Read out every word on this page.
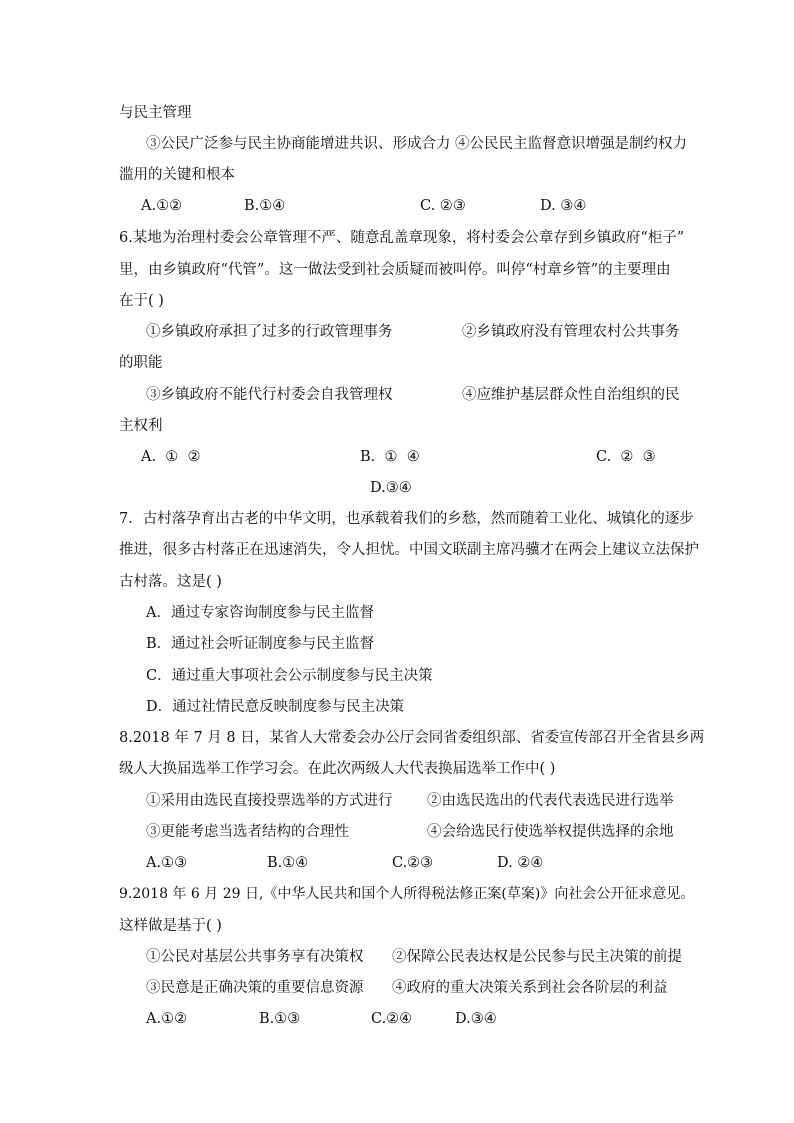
与民主管理
③公民广泛参与民主协商能增进共识、形成合力 ④公民民主监督意识增强是制约权力
滥用的关键和根本
A.①②	B.①④	C. ②③	D. ③④
6.某地为治理村委会公章管理不严、随意乱盖章现象，将村委会公章存到乡镇政府“柜子”
里，由乡镇政府“代管”。这一做法受到社会质疑而被叫停。叫停“村章乡管”的主要理由
在于( )
①乡镇政府承担了过多的行政管理事务	②乡镇政府没有管理农村公共事务
的职能
③乡镇政府不能代行村委会自我管理权	④应维护基层群众性自治组织的民
主权利
A.  ①  ②	B.  ①  ④	C.  ②  ③
D.③④
7．古村落孕育出古老的中华文明，也承载着我们的乡愁，然而随着工业化、城镇化的逐步
推进，很多古村落正在迅速消失，令人担忧。中国文联副主席冯骥才在两会上建议立法保护
古村落。这是( )
A．通过专家咨询制度参与民主监督
B．通过社会听证制度参与民主监督
C．通过重大事项社会公示制度参与民主决策
D．通过社情民意反映制度参与民主决策
8.2018 年 7 月 8 日，某省人大常委会办公厅会同省委组织部、省委宣传部召开全省县乡两
级人大换届选举工作学习会。在此次两级人大代表换届选举工作中( )
①采用由选民直接投票选举的方式进行 ②由选民选出的代表代表选民进行选举
③更能考虑当选者结构的合理性	④会给选民行使选举权提供选择的余地
A.①③	B.①④	C.②③	D. ②④
9.2018 年 6 月 29 日,《中华人民共和国个人所得税法修正案(草案)》向社会公开征求意见。
这样做是基于( )
①公民对基层公共事务享有决策权 ②保障公民表达权是公民参与民主决策的前提
③民意是正确决策的重要信息资源 ④政府的重大决策关系到社会各阶层的利益
A.①②	B.①③	C.②④	D.③④
